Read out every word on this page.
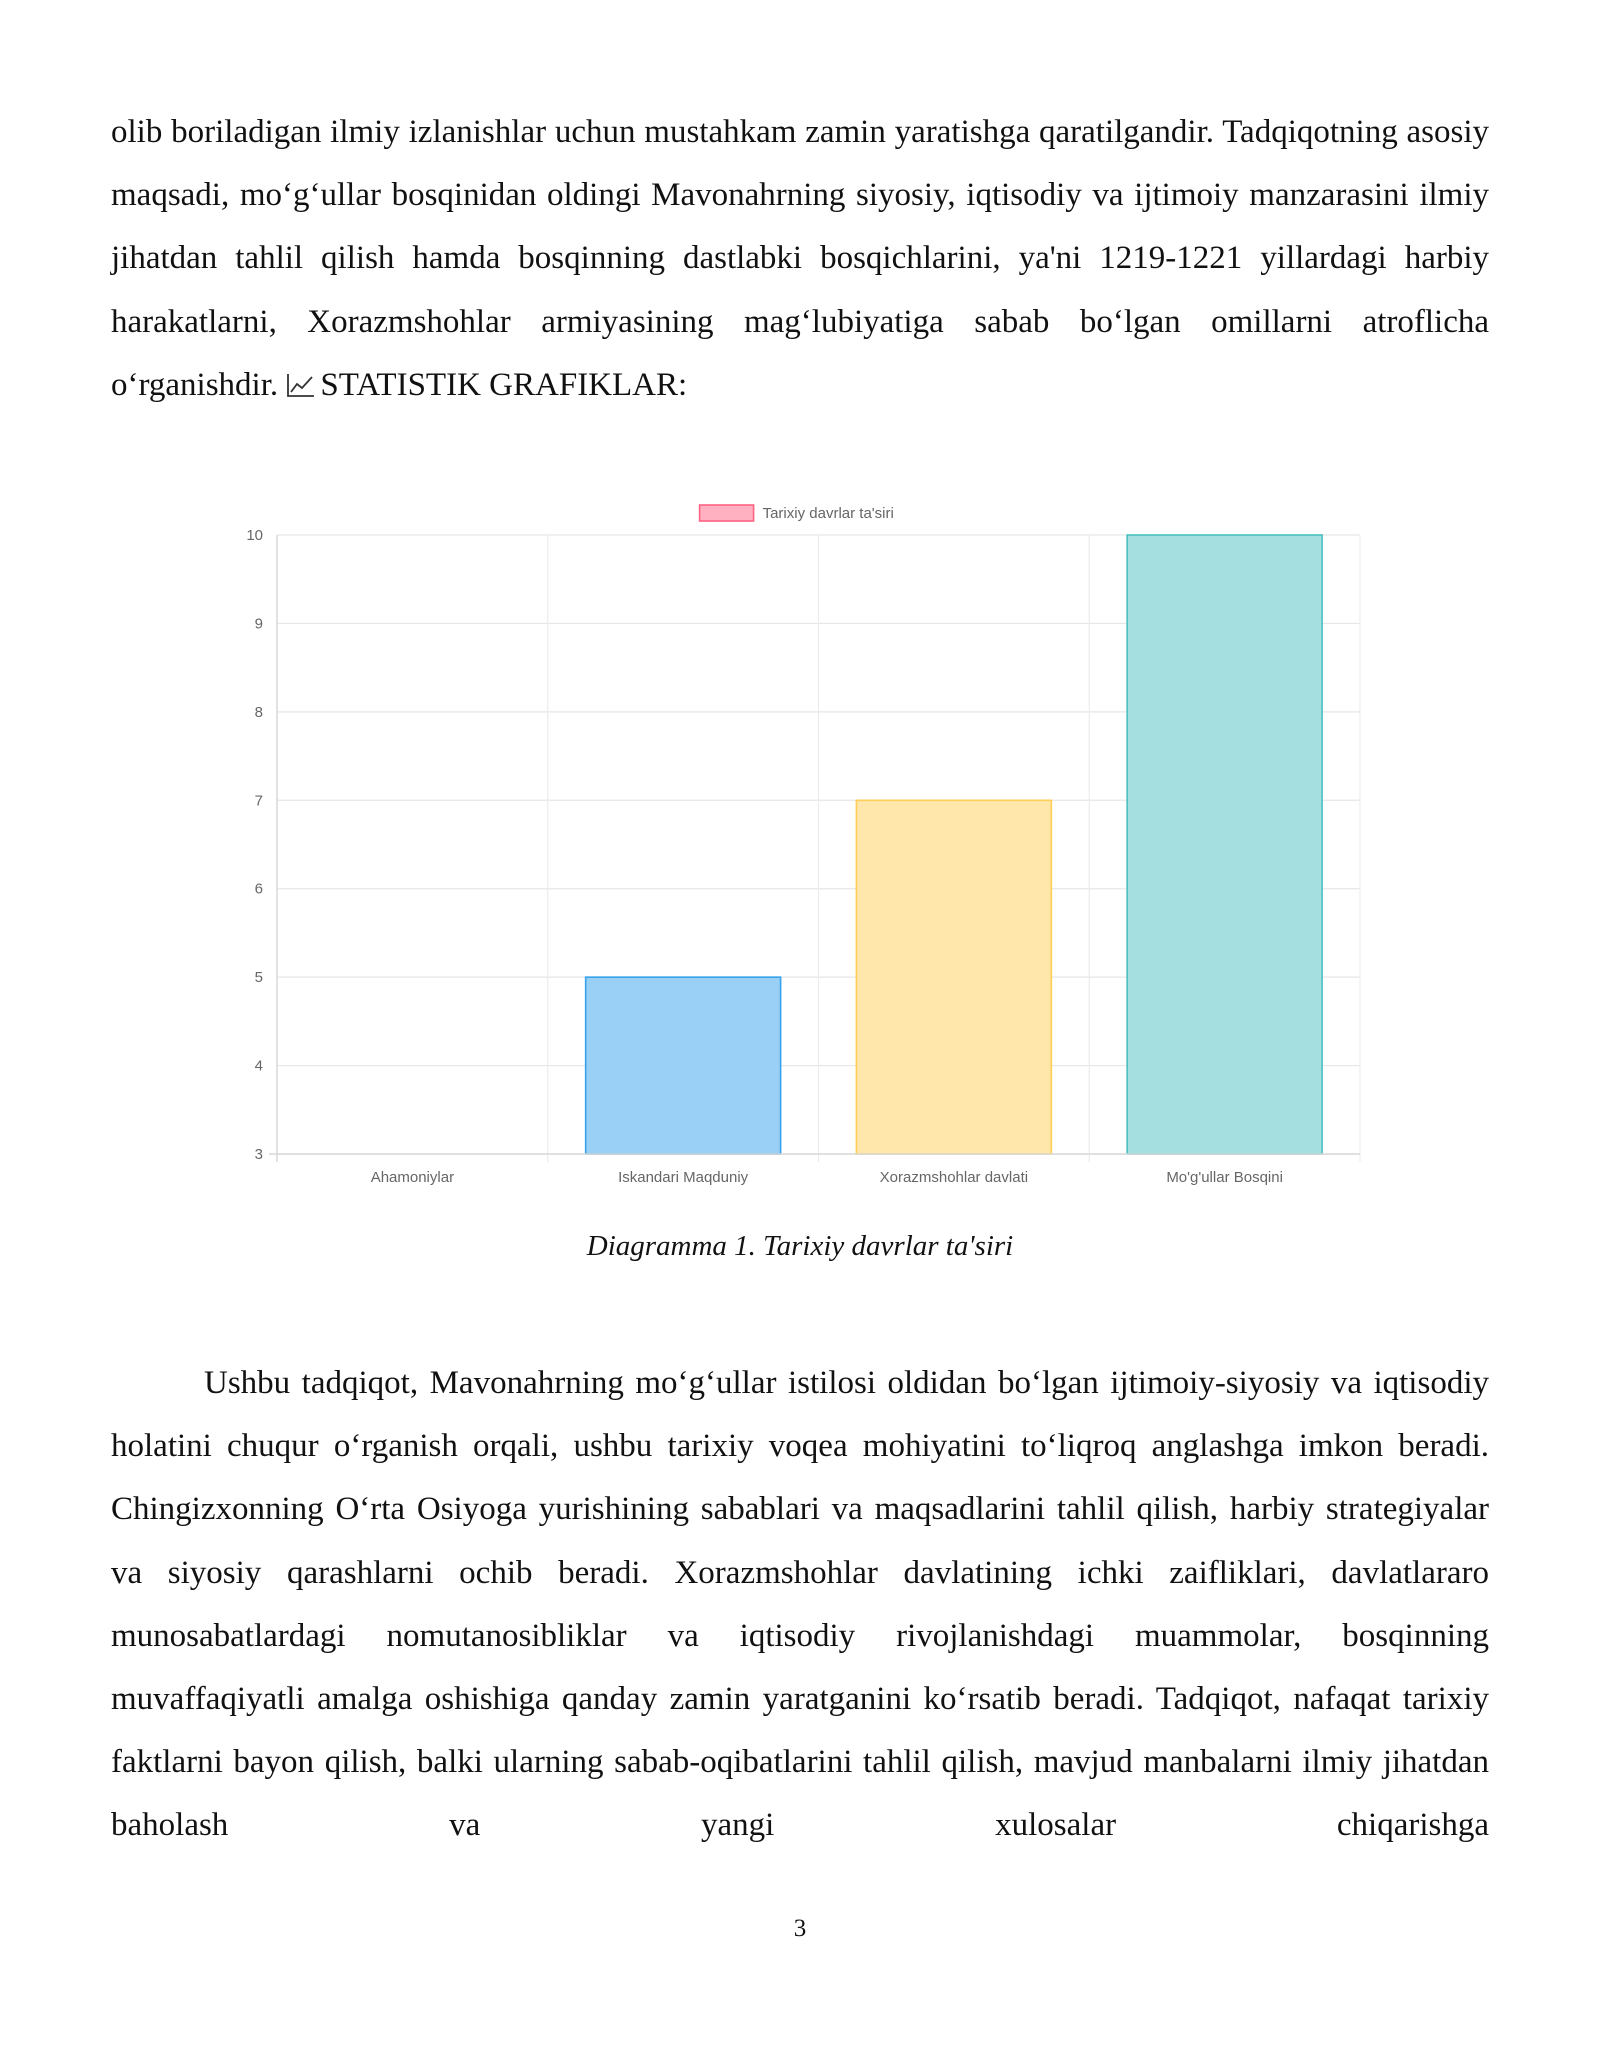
olib boriladigan ilmiy izlanishlar uchun mustahkam zamin yaratishga qaratilgandir. Tadqiqotning asosiy maqsadi, mo‘g‘ullar bosqinidan oldingi Mavonahrning siyosiy, iqtisodiy va ijtimoiy manzarasini ilmiy jihatdan tahlil qilish hamda bosqinning dastlabki bosqichlarini, ya'ni 1219-1221 yillardagi harbiy harakatlarni, Xorazmshohlar armiyasining mag‘lubiyatiga sabab bo‘lgan omillarni atroflicha o‘rganishdir. STATISTIK GRAFIKLAR:

3
4
5
6
7
8
9
10
Ahamoniylar	Iskandari Maqduniy	Xorazmshohlar davlati	Mo'g'ullar Bosqini
Tarixiy davrlar ta'siri

Diagramma 1. Tarixiy davrlar ta'siri

Ushbu tadqiqot, Mavonahrning mo‘g‘ullar istilosi oldidan bo‘lgan ijtimoiy-siyosiy va iqtisodiy holatini chuqur o‘rganish orqali, ushbu tarixiy voqea mohiyatini to‘liqroq anglashga imkon beradi. Chingizxonning O‘rta Osiyoga yurishining sabablari va maqsadlarini tahlil qilish, harbiy strategiyalar va siyosiy qarashlarni ochib beradi. Xorazmshohlar davlatining ichki zaifliklari, davlatlararo munosabatlardagi nomutanosibliklar va iqtisodiy rivojlanishdagi muammolar, bosqinning muvaffaqiyatli amalga oshishiga qanday zamin yaratganini ko‘rsatib beradi. Tadqiqot, nafaqat tarixiy faktlarni bayon qilish, balki ularning sabab-oqibatlarini tahlil qilish, mavjud manbalarni ilmiy jihatdan baholash va yangi xulosalar chiqarishga

3
